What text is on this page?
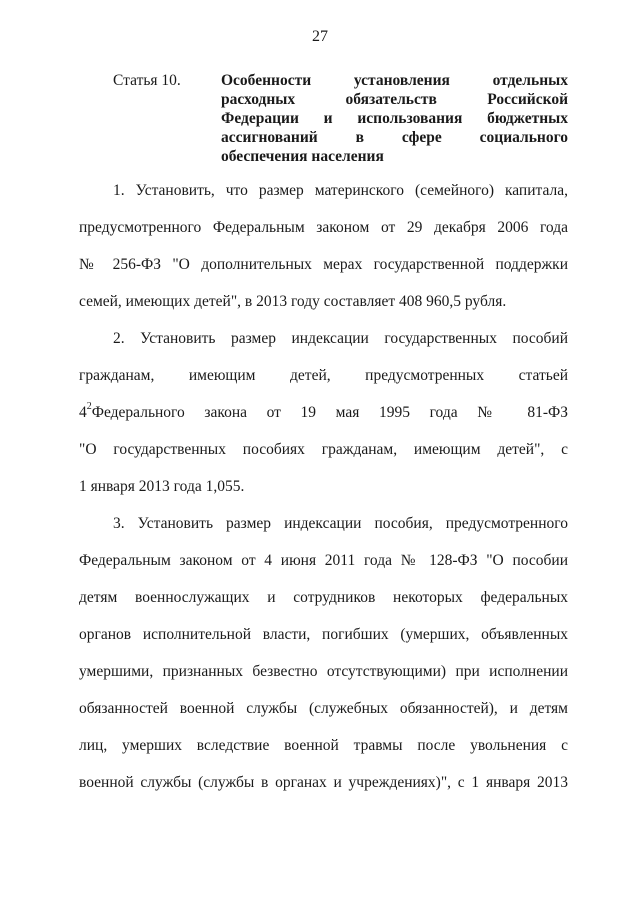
27
Статья 10.	Особенности установления отдельных
расходных обязательств Российской
Федерации и использования бюджетных
ассигнований в сфере социального
обеспечения населения
1. Установить, что размер материнского (семейного) капитала,
предусмотренного Федеральным законом от 29 декабря 2006 года
№ 256-ФЗ "О дополнительных мерах государственной поддержки
семей, имеющих детей", в 2013 году составляет 408 960,5 рубля.
2. Установить размер индексации государственных пособий
гражданам, имеющим детей, предусмотренных статьей
$4^2$ Федерального закона от 19 мая 1995 года № 81-ФЗ
"О государственных пособиях гражданам, имеющим детей", с
1 января 2013 года 1,055.
3. Установить размер индексации пособия, предусмотренного
Федеральным законом от 4 июня 2011 года № 128-ФЗ "О пособии
детям военнослужащих и сотрудников некоторых федеральных
органов исполнительной власти, погибших (умерших, объявленных
умершими, признанных безвестно отсутствующими) при исполнении
обязанностей военной службы (служебных обязанностей), и детям
лиц, умерших вследствие военной травмы после увольнения с
военной службы (службы в органах и учреждениях)", с 1 января 2013
